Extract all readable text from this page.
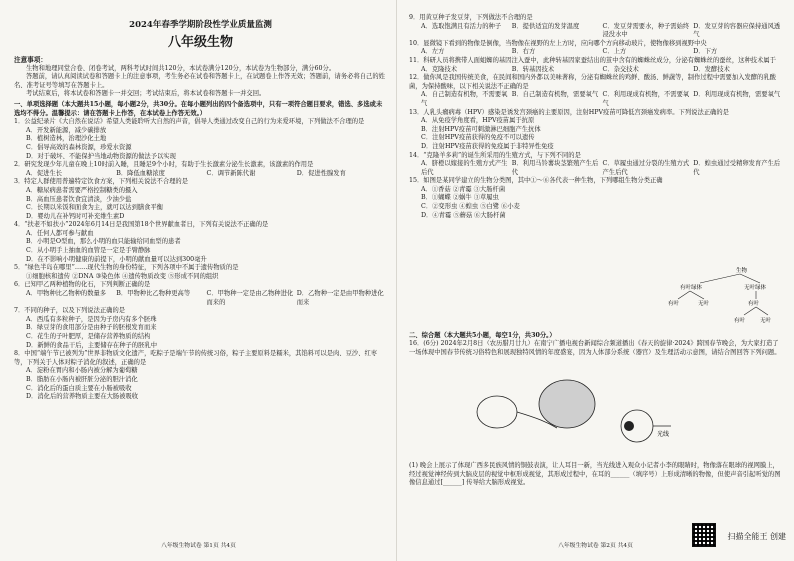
2024年春季学期阶段性学业质量监测
八年级生物
注意事项：

生物和地理同堂合卷、闭卷考试，两科考试时间共120分，本试卷满分120分，本试卷为生物部分，满分60分。

答题前，请认真阅读试卷和答题卡上的注意事项，考生务必在试卷和答题卡上，在试题卷上作答无效；答题前，请务必将自己的姓名、准考证号等填写在答题卡上。

考试结束后，将本试卷和答题卡一并交回；考试结束后，将本试卷和答题卡一并交回。

一、单项选择题（本大题共15小题，每小题2分，共30分。在每小题列出的四个备选项中，只有一项符合题目要求，错选、多选或未选均不得分。温馨提示：请在答题卡上作答，在本试卷上作答无效。）

1．公益纪录片《大自然在说话》希望人类能聆听大自然的声音，倡导人类通过改变自己的行为来爱环境，下列做法不合理的是

A．开发新能源，减少碳排放

B．植树造林，治理沙化土地

C．倡导高效的森林资源，珍爱水资源

D．对于破坏、不能保护当地动物资源的做法予以实现

2．研究发现少年儿童在晚上10时前入睡，且睡足9个小时，有助于生长激素分泌生长激素，该激素的作用是

A．促进生长	B．降低血糖浓度	C．调节新陈代谢	D．促进性腺发育

3．特定人群使用普遍特定饮食方案，下列相关说法不合理的是

A．糖尿病患者需要严格控制糖类的摄入

B．高血压患者饮食宜清淡，少油少盐

C．长期以米饭和面食为主，就可以达到膳食平衡

D．婴幼儿在补钙时可补充维生素D

4．“扶老不如扶小”2024年6月14日是我国第18个世界献血者日，下列有关说法不正确的是

A．任何人都可参与献血

B．小明是O型血，那么小明的血只能输给同血型的患者

C．从小明手上抽血的血管是一定是手臂静脉

D．在不影响小明健康的前提下，小明的献血量可以达到300毫升

5．“绿色半岛在哪里”……现代生物的身份特征，下列各项中不属于遗传物质的是

①细胞核和遗传 ②DNA ③染色体 ④遗传物质改变 ⑤形成不同的组织

6．已知甲乙两种植物的化石，下列判断正确的是

A．甲物种比乙物种的数量多	B．甲物种比乙物种更高等	C．甲物种一定是由乙物种进化而来的
D．乙物种一定是由甲物种进化而来

7．不同的种子，以及下列说法正确的是

A．西瓜有多粒种子，是因为子房内有多个胚珠

B．绿豆芽的食用部分是由种子的胚根发育而来

C．花生的子叶肥厚，是储存营养物质的结构

D．新鲜的食品干后，主要储存在种子的胚乳中

8．中国“端午节已被列为”世界非物质文化遗产，吃粽子是端午节的传统习俗，粽子主要原料是糯米，其馅料可以是肉、豆沙、红枣等，下列关于人体对粽子消化的叙述，正确的是

A．淀粉在胃内和小肠内被分解为葡萄糖

B．脂肪在小肠内被肝脏分泌的胆汁消化

C．消化后的蛋白质主要在小肠被吸收

D．消化后的营养物质主要在大肠被吸收

八年级生物试卷 第1页 共4页

9．用黄豆种子发豆芽，下列做法不合理的是

A．选取饱满且有活力的种子	B．提供适宜的发芽温度	C．发豆芽需要水，种子需始终浸没水中
D．发豆芽的容器应保持通风透气

10．显微镜下看到的物像是倒像，当物像在视野的左上方时，应向哪个方向移动玻片，使物像移到视野中央

A．左方	B．右方	C．上方	D．下方

11．科研人员将携带人面蛆蜘的基因注入蚕中，此种转基因家蚕结出的茧中含有的蜘蛛丝成分，分泌有蜘蛛丝的蚕丝，这种技术属于

A．克隆技术	B．转基因技术	C．杂交技术	D．发酵技术

12．做你风是我国传统美食，在民间和国内外都以美味著称，分泌有蜘蛛丝的鸡鲜、酸汤、鲜蔬等，制作过程中需要加入发酵的乳酸菌，为保持酸味，以下相关说法不正确的是

A．自己制造有机物，不需要氧气
B．自己制造有机物，需要氧气 C．利用现成有机物，不需要氧气
D．利用现成有机物，需要氧气

13．人乳头瘤病毒（HPV）感染是诱发宫颈癌的主要原因，注射HPV疫苗可降低宫颈癌发病率。下列说法正确的是

A．从免疫学角度看，HPV疫苗属于抗原

B．注射HPV疫苗可刺激淋巴细胞产生抗体

C．注射HPV疫苗获得的免疫不可以遗传

D．注射HPV疫苗获得的免疫属于非特异性免疫

14．“克隆羊多莉”的诞生所采用的生殖方式，与下列不同的是

A．脐橙以嫁接的生殖方式产生后代
B．利用马铃薯块茎繁殖产生后代
C．草履虫通过分裂的生殖方式产生后代
D．蝗虫通过受精卵发育产生后代

15．如图是某同学建立的生物分类图，其中①～⑥各代表一种生物，下列哪组生物分类正确

A．①香菇 ②青霉 ③大肠杆菌

B．①蝴蝶 ②蜗牛 ③草履虫

C．②变形虫 ④蝗虫 ⑤白鹭 ⑥小麦

D．④青霉 ⑤蘑菇 ⑥大肠杆菌

生物
有叶绿体	无叶绿体
有叶	无叶	有叶
有叶	无叶
二、综合题（本大题共5小题，每空1分，共30分。）

16．(6分) 2024年2月8日（农历腊月廿九）在南宁广播电视台新闻综合频道播出《春天的旋律·2024》跨国春节晚会，为大家打造了一场体现中国春节传统习俗特色和展现独特风情的年度盛宴，因为人体部分系统（器官）及生理活动示意图，请结合图回答下列问题。

光线

(1) 晚会上展示了体现广西多民族风情的铜鼓表演，让人耳目一新，当光线进入观众小记者小李的眼睛时，物像落在眼球的视网膜上，经过视觉神经传到大脑皮层的视觉中枢形成视觉，其形成过程中，在耳的______（填序号）上形成清晰的物像，但使声音引起听觉的图像信息通过[______] 传导给大脑形成视觉。

八年级生物试卷 第2页 共4页
扫描全能王 创建
